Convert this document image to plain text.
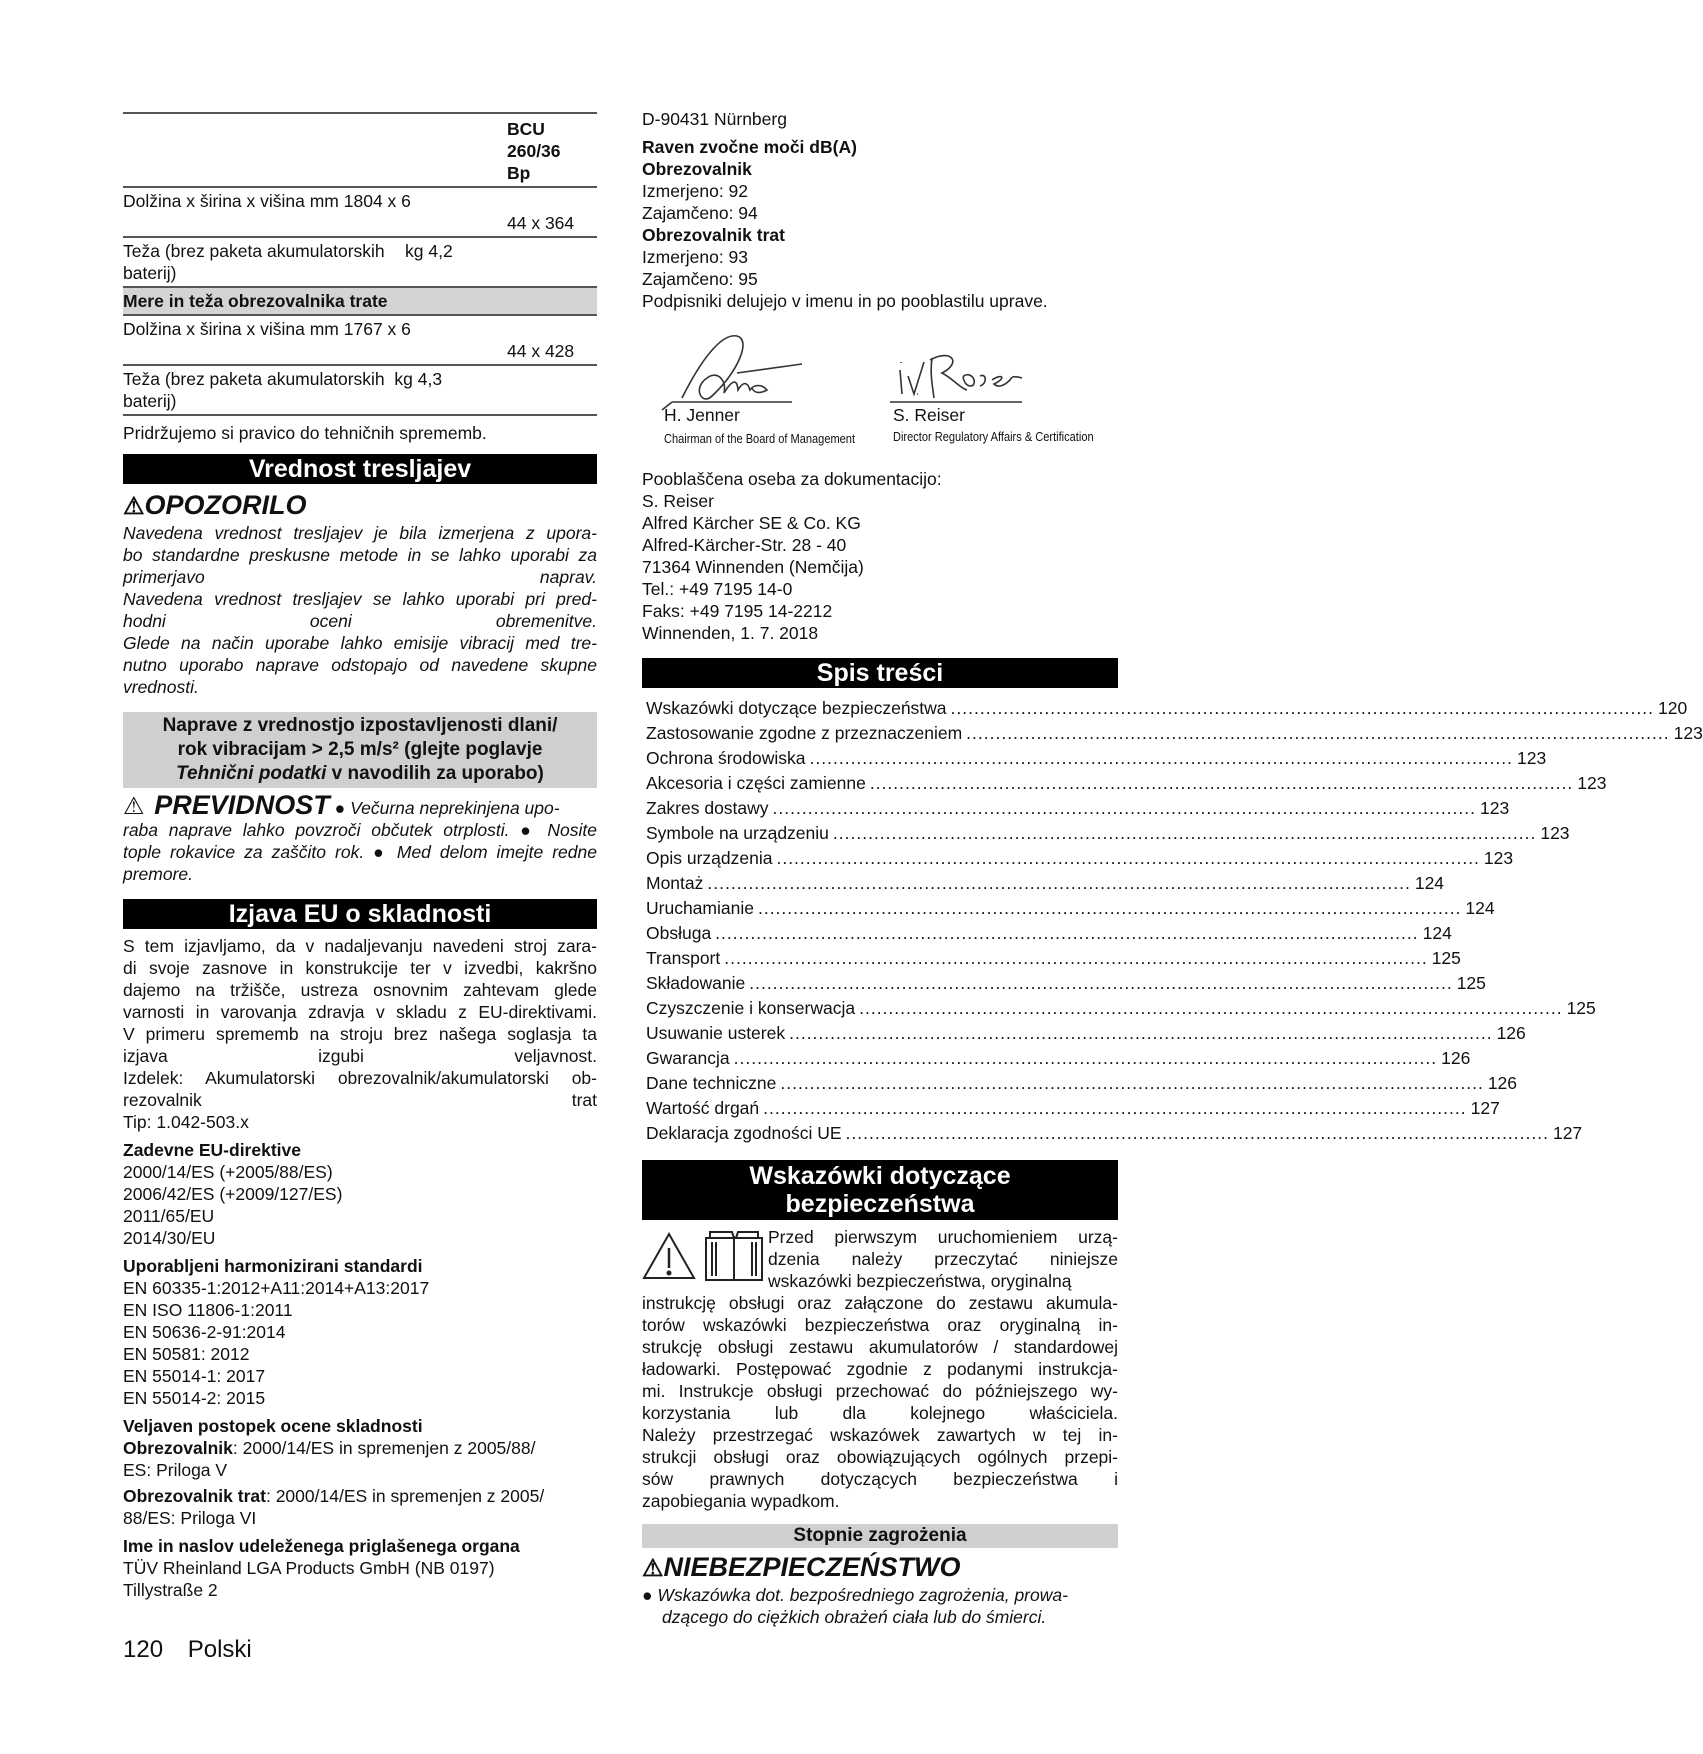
	BCU
260/36
Bp

Dolžina x širina x višina mm 1804 x 6	44 x 364

Teža (brez paketa akumulatorskih baterij)
kg 4,2	

Mere in teža obrezovalnika trate	
Dolžina x širina x višina mm 1767 x 6	44 x 428

Teža (brez paketa akumulatorskih kg 4,3
baterij)	

Pridržujemo si pravico do tehničnih sprememb.
Vrednost tresljajev
⚠OPOZORILO
Navedena vrednost tresljajev je bila izmerjena z upora-
bo standardne preskusne metode in se lahko uporabi za
primerjavo naprav.
Navedena vrednost tresljajev se lahko uporabi pri pred-
hodni oceni obremenitve.
Glede na način uporabe lahko emisije vibracij med tre-
nutno uporabo naprave odstopajo od navedene skupne
vrednosti.
Naprave z vrednostjo izpostavljenosti dlani/
rok vibracijam > 2,5 m/s² (glejte poglavje
Tehnični podatki v navodilih za uporabo)
⚠ PREVIDNOST ● Večurna neprekinjena upo-
raba naprave lahko povzroči občutek otrplosti. ● Nosite
tople rokavice za zaščito rok. ● Med delom imejte redne
premore.
Izjava EU o skladnosti
S tem izjavljamo, da v nadaljevanju navedeni stroj zara-
di svoje zasnove in konstrukcije ter v izvedbi, kakršno
dajemo na tržišče, ustreza osnovnim zahtevam glede
varnosti in varovanja zdravja v skladu z EU-direktivami.
V primeru sprememb na stroju brez našega soglasja ta
izjava izgubi veljavnost.
Izdelek: Akumulatorski obrezovalnik/akumulatorski ob-
rezovalnik trat
Tip: 1.042-503.x
Zadevne EU-direktive
2000/14/ES (+2005/88/ES)
2006/42/ES (+2009/127/ES)
2011/65/EU
2014/30/EU
Uporabljeni harmonizirani standardi
EN 60335-1:2012+A11:2014+A13:2017
EN ISO 11806-1:2011
EN 50636-2-91:2014
EN 50581: 2012
EN 55014-1: 2017
EN 55014-2: 2015
Veljaven postopek ocene skladnosti
Obrezovalnik: 2000/14/ES in spremenjen z 2005/88/
ES: Priloga V
Obrezovalnik trat: 2000/14/ES in spremenjen z 2005/
88/ES: Priloga VI
Ime in naslov udeleženega priglašenega organa
TÜV Rheinland LGA Products GmbH (NB 0197)
Tillystraße 2
D-90431 Nürnberg
Raven zvočne moči dB(A)
Obrezovalnik
Izmerjeno: 92
Zajamčeno: 94
Obrezovalnik trat
Izmerjeno: 93
Zajamčeno: 95
Podpisniki delujejo v imenu in po pooblastilu uprave.
H. Jenner
Chairman of the Board of Management
S. Reiser
Director Regulatory Affairs & Certification
Pooblaščena oseba za dokumentacijo:
S. Reiser
Alfred Kärcher SE & Co. KG
Alfred-Kärcher-Str. 28 - 40
71364 Winnenden (Nemčija)
Tel.: +49 7195 14-0
Faks: +49 7195 14-2212
Winnenden, 1. 7. 2018
Spis treści
Wskazówki dotyczące bezpieczeństwa ........................................................................................................................ 120
Zastosowanie zgodne z przeznaczeniem ........................................................................................................................ 123
Ochrona środowiska ........................................................................................................................ 123
Akcesoria i części zamienne ........................................................................................................................ 123
Zakres dostawy ........................................................................................................................ 123
Symbole na urządzeniu ........................................................................................................................ 123
Opis urządzenia ........................................................................................................................ 123
Montaż ........................................................................................................................ 124
Uruchamianie ........................................................................................................................ 124
Obsługa ........................................................................................................................ 124
Transport ........................................................................................................................ 125
Składowanie ........................................................................................................................ 125
Czyszczenie i konserwacja ........................................................................................................................ 125
Usuwanie usterek ........................................................................................................................ 126
Gwarancja ........................................................................................................................ 126
Dane techniczne ........................................................................................................................ 126
Wartość drgań ........................................................................................................................ 127
Deklaracja zgodności UE ........................................................................................................................ 127
Wskazówki dotyczące
bezpieczeństwa
Przed pierwszym uruchomieniem urzą-
dzenia należy przeczytać niniejsze
wskazówki bezpieczeństwa, oryginalną
instrukcję obsługi oraz załączone do zestawu akumula-
torów wskazówki bezpieczeństwa oraz oryginalną in-
strukcję obsługi zestawu akumulatorów / standardowej
ładowarki. Postępować zgodnie z podanymi instrukcja-
mi. Instrukcje obsługi przechować do późniejszego wy-
korzystania lub dla kolejnego właściciela.
Należy przestrzegać wskazówek zawartych w tej in-
strukcji obsługi oraz obowiązujących ogólnych przepi-
sów prawnych dotyczących bezpieczeństwa i
zapobiegania wypadkom.
Stopnie zagrożenia
⚠NIEBEZPIECZEŃSTWO
● Wskazówka dot. bezpośredniego zagrożenia, prowa-
dzącego do ciężkich obrażeń ciała lub do śmierci.
120 Polski
